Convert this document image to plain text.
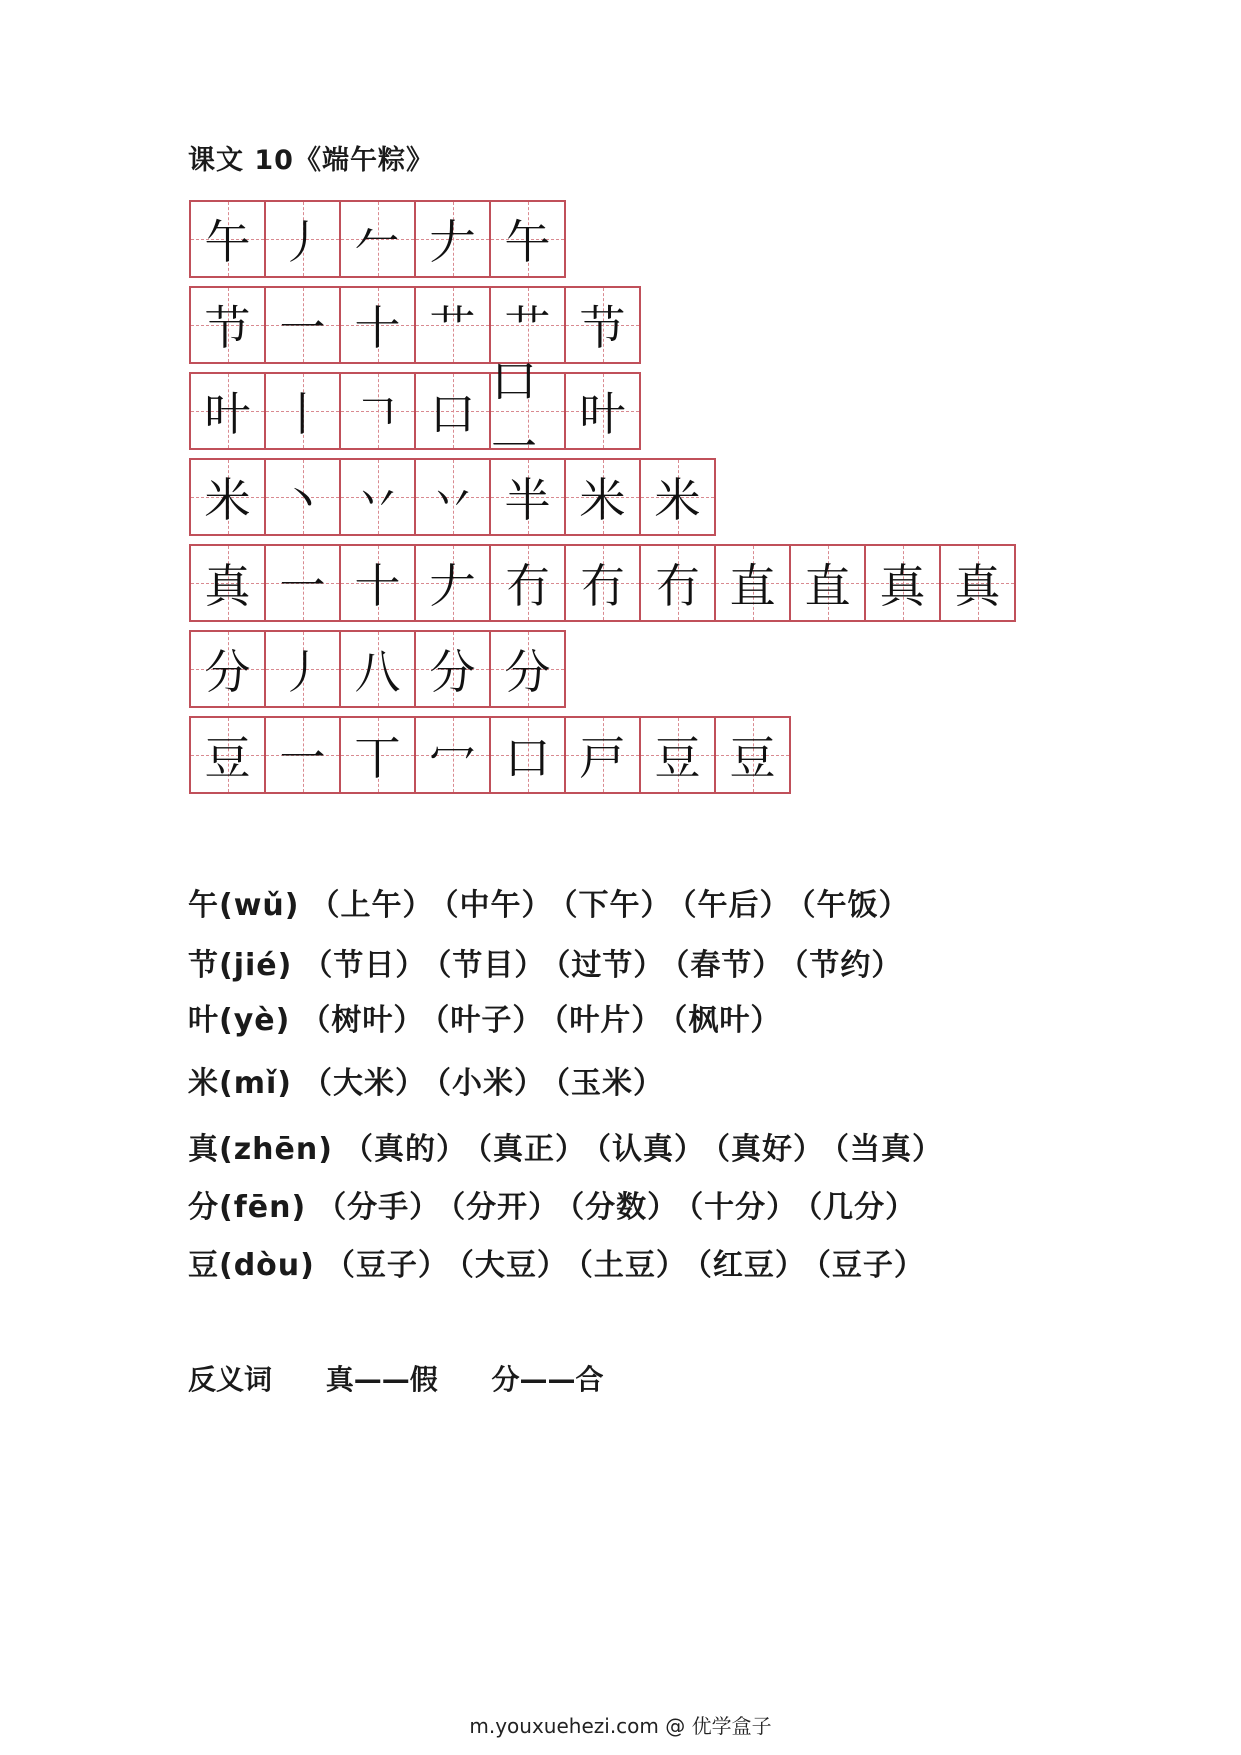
课文 10《端午粽》
午 丿 𠂉 𠂇 午
节 一 十 艹 艹 节
叶 丨 𠃍 口
口一
叶
米 丶 丷 丷 半 米 米
真 一 十 𠂇 冇 冇 冇 直 直 真 真
分 丿 八 分 分
豆 一 丅 冖 口 戸 豆 豆
午(wǔ) （上午） （中午） （下午） （午后） （午饭）
节(jié) （节日） （节目） （过节） （春节） （节约）
叶(yè) （树叶） （叶子） （叶片） （枫叶）
米(mǐ) （大米） （小米） （玉米）
真(zhēn) （真的） （真正） （认真） （真好） （当真）
分(fēn) （分手） （分开） （分数） （十分） （几分）
豆(dòu) （豆子） （大豆） （土豆） （红豆） （豆子）
反义词 真——假 分——合
m.youxuehezi.com @ 优学盒子
